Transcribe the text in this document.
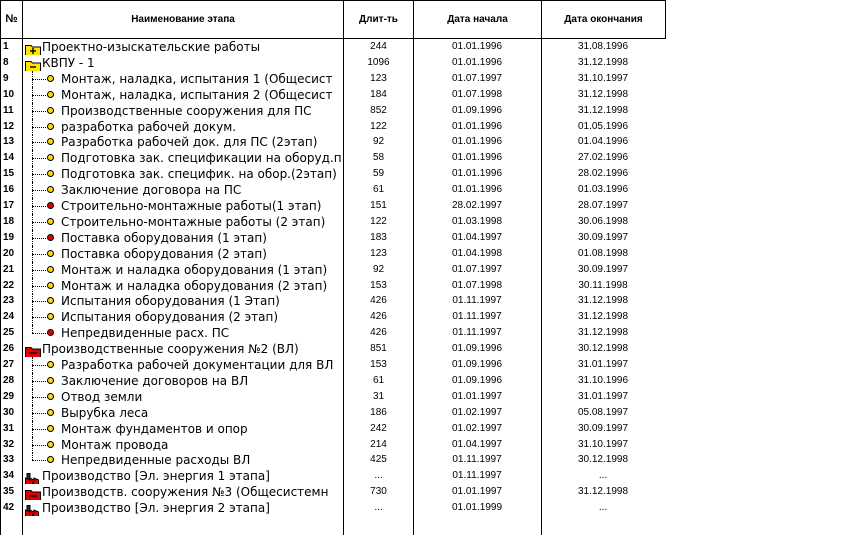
№	Наименование этапа	Длит-ть	Дата начала	Дата окончания
1	Проектно-изыскательские работы	244	01.01.1996	31.08.1996
8	КВПУ - 1	1096	01.01.1996	31.12.1998
9	Монтаж, наладка, испытания 1 (Общесист	123	01.07.1997	31.10.1997
10	Монтаж, наладка, испытания 2 (Общесист	184	01.07.1998	31.12.1998
11	Производственные сооружения для ПС	852	01.09.1996	31.12.1998
12	разработка рабочей докум.	122	01.01.1996	01.05.1996
13	Разработка рабочей док. для ПС (2этап)	92	01.01.1996	01.04.1996
14	Подготовка зак. спецификации на оборуд.п	58	01.01.1996	27.02.1996
15	Подготовка зак. специфик. на обор.(2этап)	59	01.01.1996	28.02.1996
16	Заключение договора на ПС	61	01.01.1996	01.03.1996
17	Строительно-монтажные работы(1 этап)	151	28.02.1997	28.07.1997
18	Строительно-монтажные работы (2 этап)	122	01.03.1998	30.06.1998
19	Поставка оборудования (1 этап)	183	01.04.1997	30.09.1997
20	Поставка оборудования (2 этап)	123	01.04.1998	01.08.1998
21	Монтаж и наладка оборудования (1 этап)	92	01.07.1997	30.09.1997
22	Монтаж и наладка оборудования (2 этап)	153	01.07.1998	30.11.1998
23	Испытания оборудования (1 Этап)	426	01.11.1997	31.12.1998
24	Испытания оборудования (2 этап)	426	01.11.1997	31.12.1998
25	Непредвиденные расх. ПС	426	01.11.1997	31.12.1998
26	Производственные сооружения №2 (ВЛ)	851	01.09.1996	30.12.1998
27	Разработка рабочей документации для ВЛ	153	01.09.1996	31.01.1997
28	Заключение договоров на ВЛ	61	01.09.1996	31.10.1996
29	Отвод земли	31	01.01.1997	31.01.1997
30	Вырубка леса	186	01.02.1997	05.08.1997
31	Монтаж фундаментов и опор	242	01.02.1997	30.09.1997
32	Монтаж провода	214	01.04.1997	31.10.1997
33	Непредвиденные расходы ВЛ	425	01.11.1997	30.12.1998
34	Производство [Эл. энергия 1 этапа]	...	01.11.1997	...
35	Производств. сооружения №3 (Общесистемн	730	01.01.1997	31.12.1998
42	Производство [Эл. энергия 2 этапа]	...	01.01.1999	...
